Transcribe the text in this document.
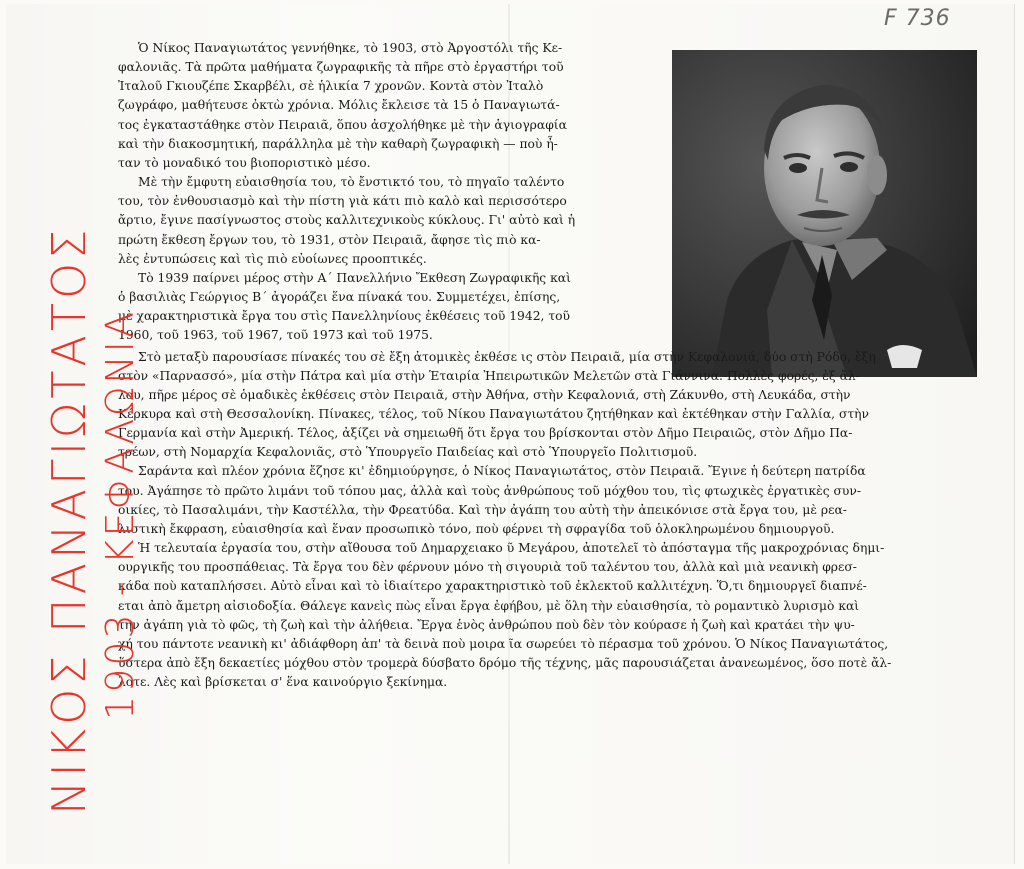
F 736

Ὁ Νίκος Παναγιωτάτος γεννήθηκε, τὸ 1903, στὸ Ἀργοστόλι τῆς Κε-
φαλονιᾶς. Τὰ πρῶτα μαθήματα ζωγραφικῆς τὰ πῆρε στὸ ἐργαστήρι τοῦ
Ἰταλοῦ Γκιουζέπε Σκαρβέλι, σὲ ἡλικία 7 χρονῶν. Κοντὰ στὸν Ἰταλὸ
ζωγράφο, μαθήτευσε ὀκτὼ χρόνια. Μόλις ἔκλεισε τὰ 15 ὁ Παναγιωτά-
τος ἐγκαταστάθηκε στὸν Πειραιᾶ, ὅπου ἀσχολήθηκε μὲ τὴν ἁγιογραφία
καὶ τὴν διακοσμητική, παράλληλα μὲ τὴν καθαρὴ ζωγραφικὴ — ποὺ ἦ-
ταν τὸ μοναδικό του βιοποριστικὸ μέσο.

Μὲ τὴν ἔμφυτη εὐαισθησία του, τὸ ἔνστικτό του, τὸ πηγαῖο ταλέντο
του, τὸν ἐνθουσιασμὸ καὶ τὴν πίστη γιὰ κάτι πιὸ καλὸ καὶ περισσότερο
ἄρτιο, ἔγινε πασίγνωστος στοὺς καλλιτεχνικοὺς κύκλους. Γι' αὐτὸ καὶ ἡ
πρώτη ἔκθεση ἔργων του, τὸ 1931, στὸν Πειραιᾶ, ἄφησε τὶς πιὸ κα-
λὲς ἐντυπώσεις καὶ τὶς πιὸ εὐοίωνες προοπτικές.

Τὸ 1939 παίρνει μέρος στὴν Α΄ Πανελλήνιο Ἔκθεση Ζωγραφικῆς καὶ
ὁ βασιλιὰς Γεώργιος Β΄ ἀγοράζει ἕνα πίνακά του. Συμμετέχει, ἐπίσης,
μὲ χαρακτηριστικὰ ἔργα του στὶς Πανελληνίους ἐκθέσεις τοῦ 1942, τοῦ
1960, τοῦ 1963, τοῦ 1967, τοῦ 1973 καὶ τοῦ 1975.

Στὸ μεταξὺ παρουσίασε πίνακές του σὲ ἔξη ἀτομικὲς ἐκθέσε ις στὸν Πειραιᾶ, μία στὴν Κεφαλονιά, δύο στὴ Ρόδο, ἔξη
στὸν «Παρνασσό», μία στὴν Πάτρα καὶ μία στὴν Ἑταιρία Ἠπειρωτικῶν Μελετῶν στὰ Γιάννινα. Πολλὲς φορές, ἐξ ἄλ-
λου, πῆρε μέρος σὲ ὁμαδικὲς ἐκθέσεις στὸν Πειραιᾶ, στὴν Ἀθήνα, στὴν Κεφαλονιά, στὴ Ζάκυνθο, στὴ Λευκάδα, στὴν
Κέρκυρα καὶ στὴ Θεσσαλονίκη. Πίνακες, τέλος, τοῦ Νίκου Παναγιωτάτου ζητήθηκαν καὶ ἐκτέθηκαν στὴν Γαλλία, στὴν
Γερμανία καὶ στὴν Ἀμερική. Τέλος, ἀξίζει νὰ σημειωθῆ ὅτι ἔργα του βρίσκονται στὸν Δῆμο Πειραιῶς, στὸν Δῆμο Πα-
τρέων, στὴ Νομαρχία Κεφαλονιᾶς, στὸ Ὑπουργεῖο Παιδείας καὶ στὸ Ὑπουργεῖο Πολιτισμοῦ.

Σαράντα καὶ πλέον χρόνια ἔζησε κι' ἐδημιούργησε, ὁ Νίκος Παναγιωτάτος, στὸν Πειραιᾶ. Ἔγινε ἡ δεύτερη πατρίδα
του. Ἀγάπησε τὸ πρῶτο λιμάνι τοῦ τόπου μας, ἀλλὰ καὶ τοὺς ἀνθρώπους τοῦ μόχθου του, τὶς φτωχικὲς ἐργατικὲς συν-
οικίες, τὸ Πασαλιμάνι, τὴν Καστέλλα, τὴν Φρεατύδα. Καὶ τὴν ἀγάπη του αὐτὴ τὴν ἀπεικόνισε στὰ ἔργα του, μὲ ρεα-
λιστικὴ ἔκφραση, εὐαισθησία καὶ ἕναν προσωπικὸ τόνο, ποὺ φέρνει τὴ σφραγίδα τοῦ ὁλοκληρωμένου δημιουργοῦ.

Ἡ τελευταία ἐργασία του, στὴν αἴθουσα τοῦ Δημαρχειακο ῦ Μεγάρου, ἀποτελεῖ τὸ ἀπόσταγμα τῆς μακροχρόνιας δημι-
ουργικῆς του προσπάθειας. Τὰ ἔργα του δὲν φέρνουν μόνο τὴ σιγουριὰ τοῦ ταλέντου του, ἀλλὰ καὶ μιὰ νεανικὴ φρεσ-
κάδα ποὺ καταπλήσσει. Αὐτὸ εἶναι καὶ τὸ ἰδιαίτερο χαρακτηριστικὸ τοῦ ἐκλεκτοῦ καλλιτέχνη. Ὅ,τι δημιουργεῖ διαπνέ-
εται ἀπὸ ἄμετρη αἰσιοδοξία. Θάλεγε κανεὶς πὼς εἶναι ἔργα ἐφήβου, μὲ ὅλη τὴν εὐαισθησία, τὸ ρομαντικὸ λυρισμὸ καὶ
τὴν ἀγάπη γιὰ τὸ φῶς, τὴ ζωὴ καὶ τὴν ἀλήθεια. Ἔργα ἑνὸς ἀνθρώπου ποὺ δὲν τὸν κούρασε ἡ ζωὴ καὶ κρατάει τὴν ψυ-
χή του πάντοτε νεανικὴ κι' ἀδιάφθορη ἀπ' τὰ δεινὰ ποὺ μοιρα ῖα σωρεύει τὸ πέρασμα τοῦ χρόνου. Ὁ Νίκος Παναγιωτάτος,
ὕστερα ἀπὸ ἔξη δεκαετίες μόχθου στὸν τρομερὰ δύσβατο δρόμο τῆς τέχνης, μᾶς παρουσιάζεται ἀνανεωμένος, ὅσο ποτὲ ἄλ-
λοτε. Λὲς καὶ βρίσκεται σ' ἕνα καινούργιο ξεκίνημα.

ΝΙΚΟΣ ΠΑΝΑΓΙΩΤΑΤΟΣ 1903 - ΚΕΦΑΛΩΝΙΑ
